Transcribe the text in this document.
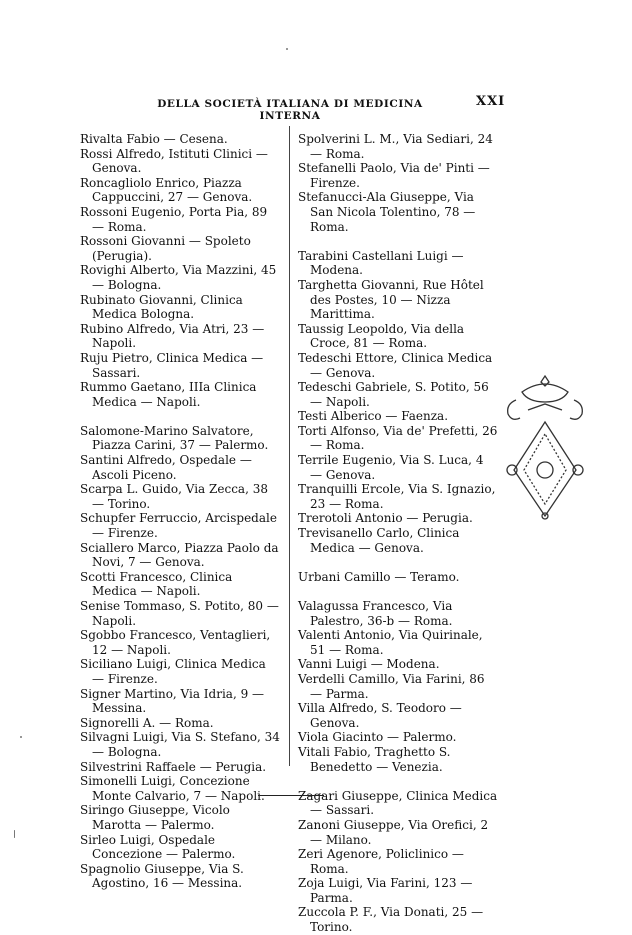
DELLA SOCIETÀ ITALIANA DI MEDICINA INTERNA
XXI

Rivalta Fabio — Cesena.

Rossi Alfredo, Istituti Clinici — Genova.

Roncagliolo Enrico, Piazza Cappuccini, 27 — Genova.

Rossoni Eugenio, Porta Pia, 89 — Roma.

Rossoni Giovanni — Spoleto (Perugia).

Rovighi Alberto, Via Mazzini, 45 — Bologna.

Rubinato Giovanni, Clinica Medica Bologna.

Rubino Alfredo, Via Atri, 23 — Napoli.

Ruju Pietro, Clinica Medica — Sassari.

Rummo Gaetano, IIIa Clinica Medica — Napoli.

Salomone-Marino Salvatore, Piazza Carini, 37 — Palermo.

Santini Alfredo, Ospedale — Ascoli Piceno.

Scarpa L. Guido, Via Zecca, 38 — Torino.

Schupfer Ferruccio, Arcispedale — Firenze.

Sciallero Marco, Piazza Paolo da Novi, 7 — Genova.

Scotti Francesco, Clinica Medica — Napoli.

Senise Tommaso, S. Potito, 80 — Napoli.

Sgobbo Francesco, Ventaglieri, 12 — Napoli.

Siciliano Luigi, Clinica Medica — Firenze.

Signer Martino, Via Idria, 9 — Messina.

Signorelli A. — Roma.

Silvagni Luigi, Via S. Stefano, 34 — Bologna.

Silvestrini Raffaele — Perugia.

Simonelli Luigi, Concezione Monte Calvario, 7 — Napoli.

Siringo Giuseppe, Vicolo Marotta — Palermo.

Sirleo Luigi, Ospedale Concezione — Palermo.

Spagnolio Giuseppe, Via S. Agostino, 16 — Messina.

Spolverini L. M., Via Sediari, 24 — Roma.

Stefanelli Paolo, Via de' Pinti — Firenze.

Stefanucci-Ala Giuseppe, Via San Nicola Tolentino, 78 — Roma.

Tarabini Castellani Luigi — Modena.

Targhetta Giovanni, Rue Hôtel des Postes, 10 — Nizza Marittima.

Taussig Leopoldo, Via della Croce, 81 — Roma.

Tedeschi Ettore, Clinica Medica — Genova.

Tedeschi Gabriele, S. Potito, 56 — Napoli.

Testi Alberico — Faenza.

Torti Alfonso, Via de' Prefetti, 26 — Roma.

Terrile Eugenio, Via S. Luca, 4 — Genova.

Tranquilli Ercole, Via S. Ignazio, 23 — Roma.

Trerotoli Antonio — Perugia.

Trevisanello Carlo, Clinica Medica — Genova.

Urbani Camillo — Teramo.

Valagussa Francesco, Via Palestro, 36-b — Roma.

Valenti Antonio, Via Quirinale, 51 — Roma.

Vanni Luigi — Modena.

Verdelli Camillo, Via Farini, 86 — Parma.

Villa Alfredo, S. Teodoro — Genova.

Viola Giacinto — Palermo.

Vitali Fabio, Traghetto S. Benedetto — Venezia.

Zagari Giuseppe, Clinica Medica — Sassari.

Zanoni Giuseppe, Via Orefici, 2 — Milano.

Zeri Agenore, Policlinico — Roma.

Zoja Luigi, Via Farini, 123 — Parma.

Zuccola P. F., Via Donati, 25 — Torino.
